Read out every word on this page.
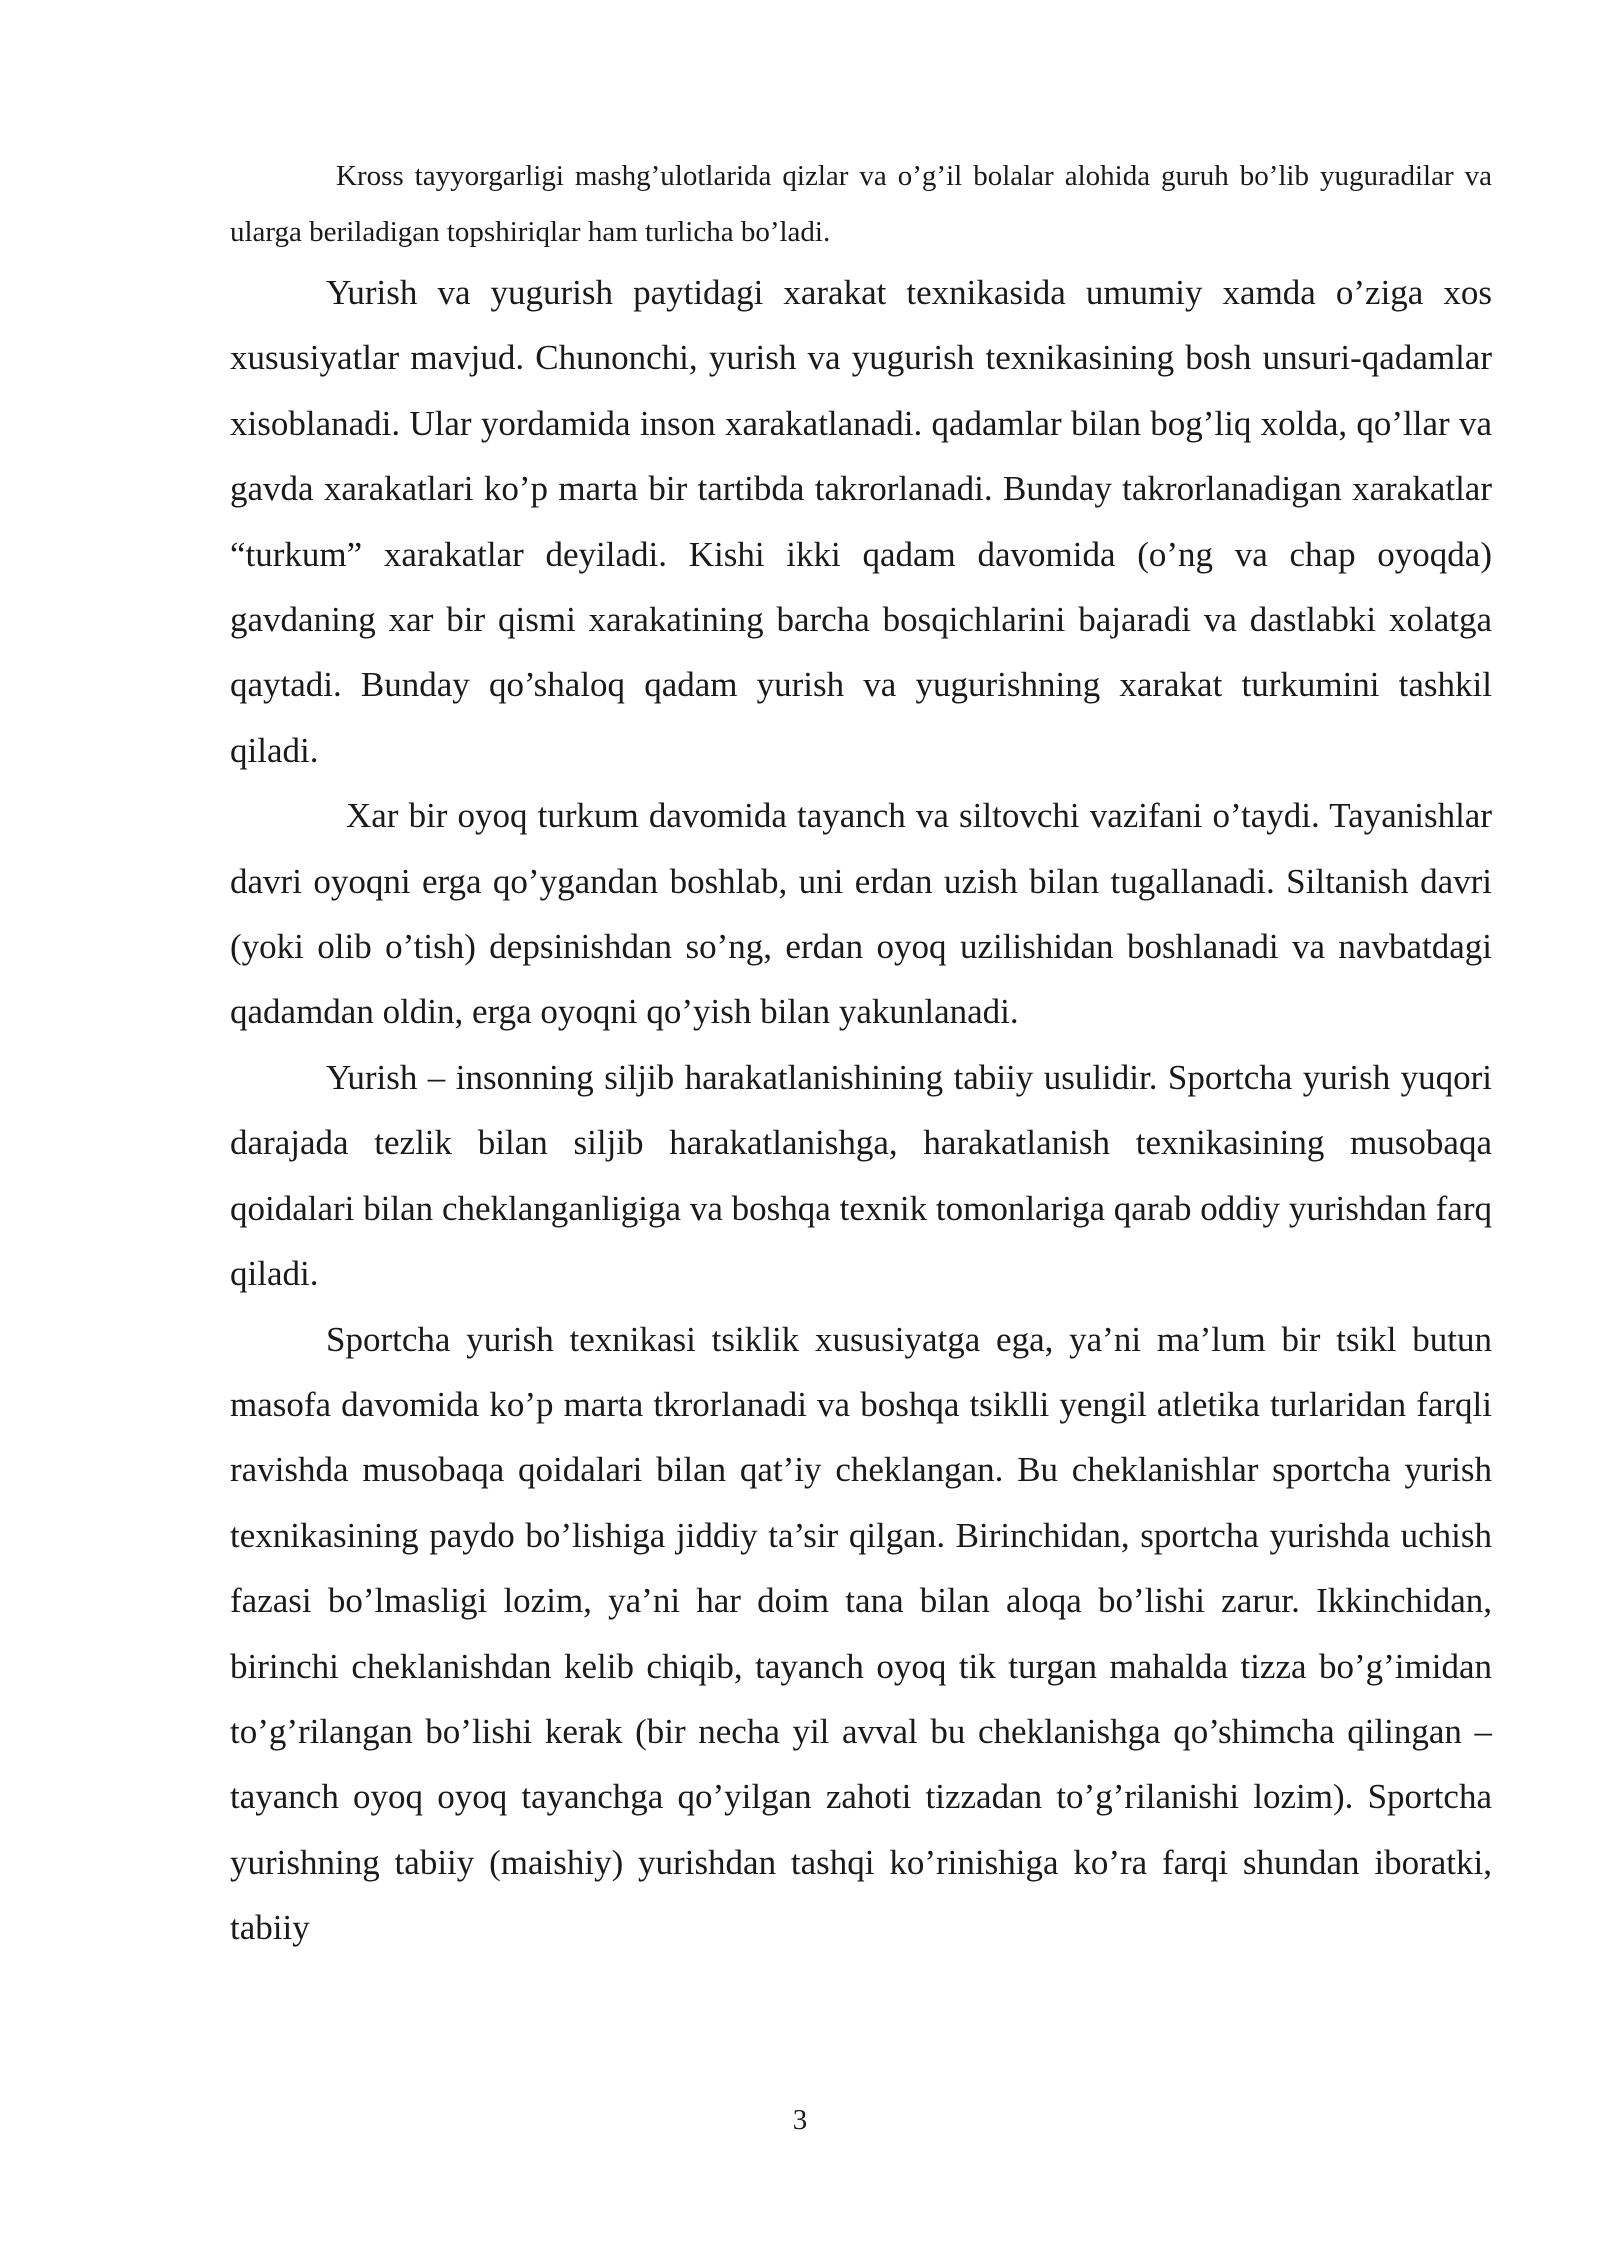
Kross tayyorgarligi mashg’ulotlarida qizlar va o’g’il bolalar alohida guruh bo’lib yuguradilar va ularga beriladigan topshiriqlar ham turlicha bo’ladi.

Yurish va yugurish paytidagi xarakat texnikasida umumiy xamda o’ziga xos xususiyatlar mavjud. Chunonchi, yurish va yugurish texnikasining bosh unsuri-qadamlar xisoblanadi. Ular yordamida inson xarakatlanadi. qadamlar bilan bog’liq xolda, qo’llar va gavda xarakatlari ko’p marta bir tartibda takrorlanadi. Bunday takrorlanadigan xarakatlar “turkum” xarakatlar deyiladi. Kishi ikki qadam davomida (o’ng va chap oyoqda) gavdaning xar bir qismi xarakatining barcha bosqichlarini bajaradi va dastlabki xolatga qaytadi. Bunday qo’shaloq qadam yurish va yugurishning xarakat turkumini tashkil qiladi.

Xar bir oyoq turkum davomida tayanch va siltovchi vazifani o’taydi. Tayanishlar davri oyoqni erga qo’ygandan boshlab, uni erdan uzish bilan tugallanadi. Siltanish davri (yoki olib o’tish) depsinishdan so’ng, erdan oyoq uzilishidan boshlanadi va navbatdagi qadamdan oldin, erga oyoqni qo’yish bilan yakunlanadi.

Yurish – insonning siljib harakatlanishining tabiiy usulidir. Sportcha yurish yuqori darajada tezlik bilan siljib harakatlanishga, harakatlanish texnikasining musobaqa qoidalari bilan cheklanganligiga va boshqa texnik tomonlariga qarab oddiy yurishdan farq qiladi.

Sportcha yurish texnikasi tsiklik xususiyatga ega, ya’ni ma’lum bir tsikl butun masofa davomida ko’p marta tkrorlanadi va boshqa tsiklli yengil atletika turlaridan farqli ravishda musobaqa qoidalari bilan qat’iy cheklangan. Bu cheklanishlar sportcha yurish texnikasining paydo bo’lishiga jiddiy ta’sir qilgan. Birinchidan, sportcha yurishda uchish fazasi bo’lmasligi lozim, ya’ni har doim tana bilan aloqa bo’lishi zarur. Ikkinchidan, birinchi cheklanishdan kelib chiqib, tayanch oyoq tik turgan mahalda tizza bo’g’imidan to’g’rilangan bo’lishi kerak (bir necha yil avval bu cheklanishga qo’shimcha qilingan – tayanch oyoq oyoq tayanchga qo’yilgan zahoti tizzadan to’g’rilanishi lozim). Sportcha yurishning tabiiy (maishiy) yurishdan tashqi ko’rinishiga ko’ra farqi shundan iboratki, tabiiy

3
